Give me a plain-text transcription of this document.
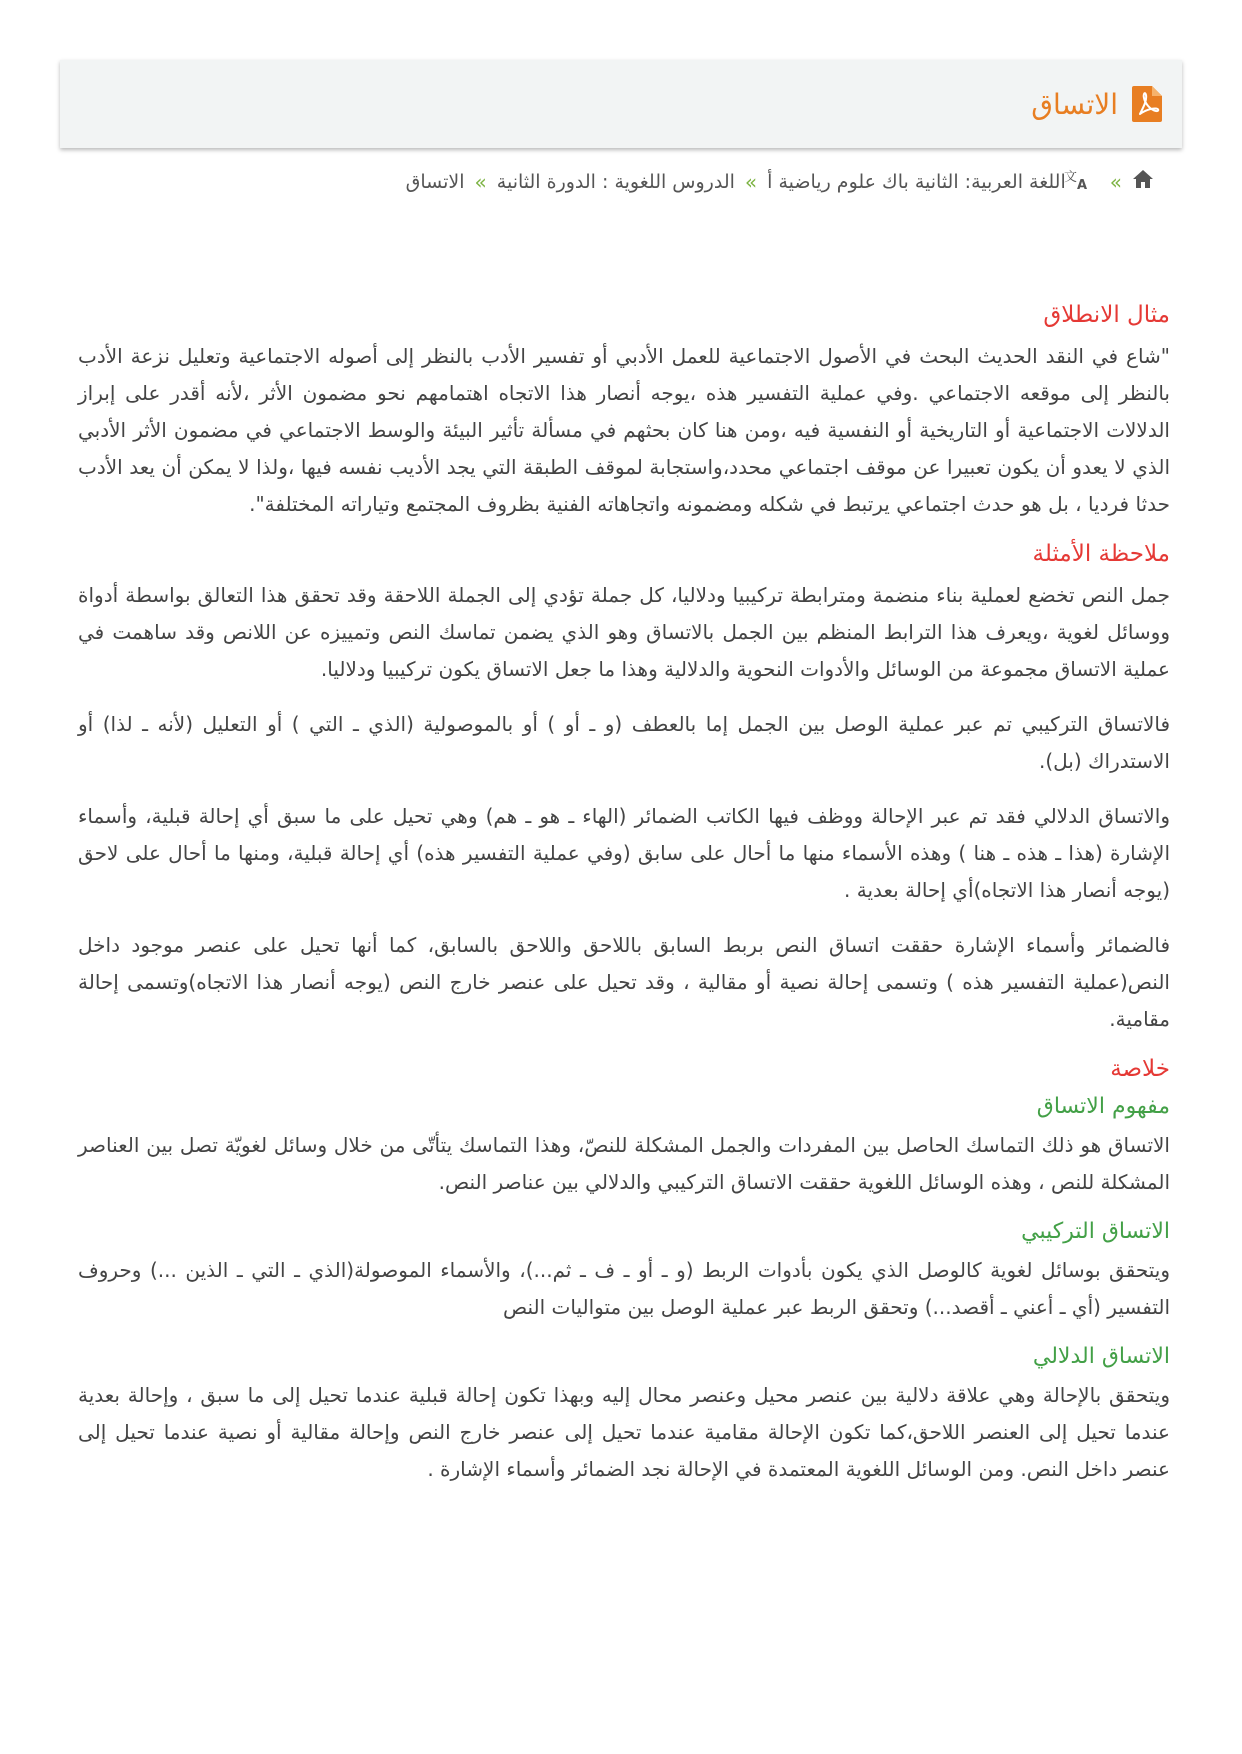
الاتساق
»
文
A
اللغة العربية: الثانية باك علوم رياضية أ
»
الدروس اللغوية : الدورة الثانية
»
الاتساق
مثال الانطلاق

"شاع في النقد الحديث البحث في الأصول الاجتماعية للعمل الأدبي أو تفسير الأدب بالنظر إلى أصوله الاجتماعية وتعليل نزعة الأدب بالنظر إلى موقعه الاجتماعي .وفي عملية التفسير هذه ،يوجه أنصار هذا الاتجاه اهتمامهم نحو مضمون الأثر ،لأنه أقدر على إبراز الدلالات الاجتماعية أو التاريخية أو النفسية فيه ،ومن هنا كان بحثهم في مسألة تأثير البيئة والوسط الاجتماعي في مضمون الأثر الأدبي الذي لا يعدو أن يكون تعبيرا عن موقف اجتماعي محدد،واستجابة لموقف الطبقة التي يجد الأديب نفسه فيها ،ولذا لا يمكن أن يعد الأدب حدثا فرديا ، بل هو حدث اجتماعي يرتبط في شكله ومضمونه واتجاهاته الفنية بظروف المجتمع وتياراته المختلفة".

ملاحظة الأمثلة

جمل النص تخضع لعملية بناء منضمة ومترابطة تركيبيا ودلاليا، كل جملة تؤدي إلى الجملة اللاحقة وقد تحقق هذا التعالق بواسطة أدواة ووسائل لغوية ،ويعرف هذا الترابط المنظم بين الجمل بالاتساق وهو الذي يضمن تماسك النص وتمييزه عن اللانص وقد ساهمت في عملية الاتساق مجموعة من الوسائل والأدوات النحوية والدلالية وهذا ما جعل الاتساق يكون تركيبيا ودلاليا.

فالاتساق التركيبي تم عبر عملية الوصل بين الجمل إما بالعطف (و ـ أو ) أو بالموصولية (الذي ـ التي ) أو التعليل (لأنه ـ لذا) أو الاستدراك (بل).

والاتساق الدلالي فقد تم عبر الإحالة ووظف فيها الكاتب الضمائر (الهاء ـ هو ـ هم) وهي تحيل على ما سبق أي إحالة قبلية، وأسماء الإشارة (هذا ـ هذه ـ هنا ) وهذه الأسماء منها ما أحال على سابق (وفي عملية التفسير هذه) أي إحالة قبلية، ومنها ما أحال على لاحق (يوجه أنصار هذا الاتجاه)أي إحالة بعدية .

فالضمائر وأسماء الإشارة حققت اتساق النص بربط السابق باللاحق واللاحق بالسابق، كما أنها تحيل على عنصر موجود داخل النص(عملية التفسير هذه ) وتسمى إحالة نصية أو مقالية ، وقد تحيل على عنصر خارج النص (يوجه أنصار هذا الاتجاه)وتسمى إحالة مقامية.

خلاصة
مفهوم الاتساق

الاتساق هو ذلك التماسك الحاصل بين المفردات والجمل المشكلة للنصّ، وهذا التماسك يتأتّى من خلال وسائل لغويّة تصل بين العناصر المشكلة للنص ، وهذه الوسائل اللغوية حققت الاتساق التركيبي والدلالي بين عناصر النص.

الاتساق التركيبي

ويتحقق بوسائل لغوية كالوصل الذي يكون بأدوات الربط (و ـ أو ـ ف ـ ثم...)، والأسماء الموصولة(الذي ـ التي ـ الذين ...) وحروف التفسير (أي ـ أعني ـ أقصد...) وتحقق الربط عبر عملية الوصل بين متواليات النص

الاتساق الدلالي

ويتحقق بالإحالة وهي علاقة دلالية بين عنصر محيل وعنصر محال إليه وبهذا تكون إحالة قبلية عندما تحيل إلى ما سبق ، وإحالة بعدية عندما تحيل إلى العنصر اللاحق،كما تكون الإحالة مقامية عندما تحيل إلى عنصر خارج النص وإحالة مقالية أو نصية عندما تحيل إلى عنصر داخل النص. ومن الوسائل اللغوية المعتمدة في الإحالة نجد الضمائر وأسماء الإشارة .
